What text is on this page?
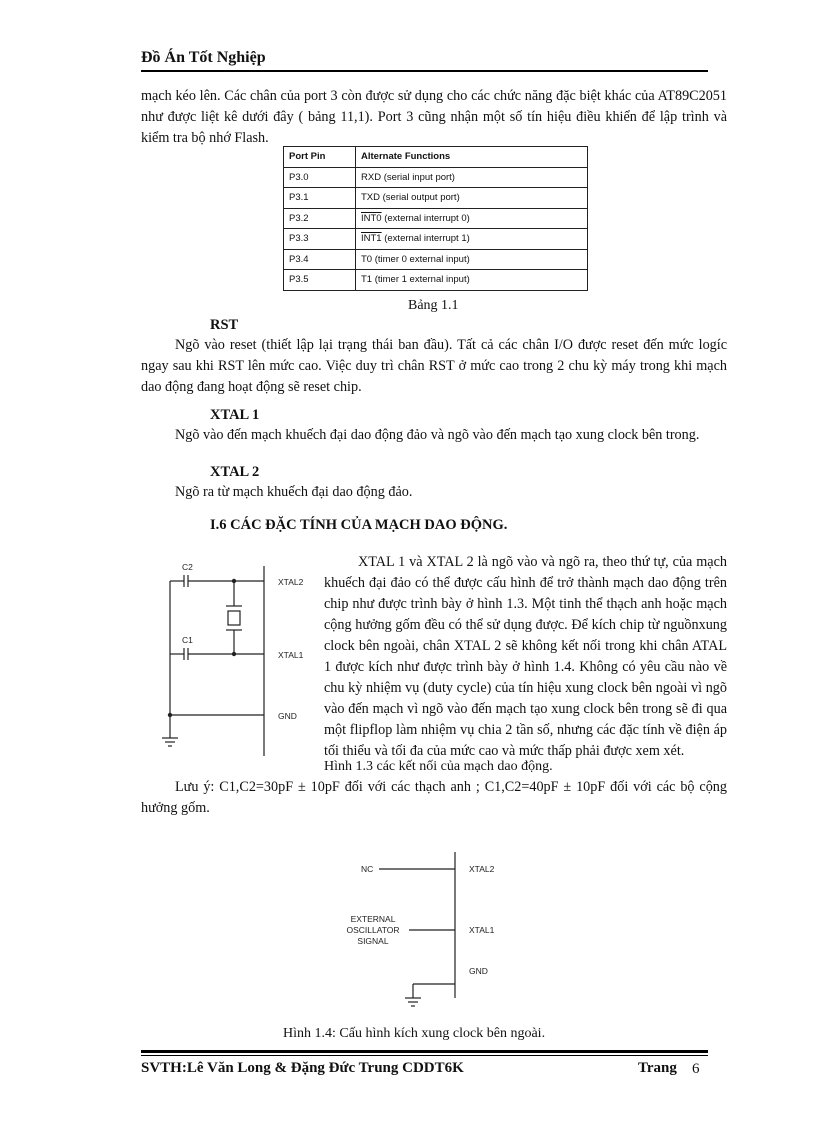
Đồ Án Tốt Nghiệp
mạch kéo lên. Các chân của port 3 còn được sử dụng cho các chức năng đặc biệt khác của AT89C2051 như được liệt kê dưới đây ( bảng 11,1). Port 3 cũng nhận một số tín hiệu điều khiển để lập trình và kiểm tra bộ nhớ Flash.
Port Pin	Alternate Functions
P3.0	RXD (serial input port)
P3.1	TXD (serial output port)
P3.2	INT0 (external interrupt 0)
P3.3	INT1 (external interrupt 1)
P3.4	T0 (timer 0 external input)
P3.5	T1 (timer 1 external input)
Bảng 1.1
RST
Ngõ vào reset (thiết lập lại trạng thái ban đầu). Tất cả các chân I/O được reset đến mức logíc ngay sau khi RST lên mức cao. Việc duy trì chân RST ở mức cao trong 2 chu kỳ máy trong khi mạch dao động đang hoạt động sẽ reset chip.
XTAL 1
Ngõ vào đến mạch khuếch đại dao động đảo và ngõ vào đến mạch tạo xung clock bên trong.
XTAL 2
Ngõ ra từ mạch khuếch đại dao động đảo.
I.6 CÁC ĐẶC TÍNH CỦA MẠCH DAO ĐỘNG.
C2
C1
XTAL2
XTAL1
GND
XTAL 1 và XTAL 2 là ngõ vào và ngõ ra, theo thứ tự, của mạch khuếch đại đảo có thể được cấu hình để trở thành mạch dao động trên chip như được trình bày ở hình 1.3. Một tinh thể thạch anh hoặc mạch cộng hưởng gốm đều có thể sử dụng được. Để kích chip từ nguồnxung clock bên ngoài, chân XTAL 2 sẽ không kết nối trong khi chân ATAL 1 được kích như được trình bày ở hình 1.4. Không có yêu cầu nào về chu kỳ nhiệm vụ (duty cycle) của tín hiệu xung clock bên ngoài vì ngõ vào đến mạch vì ngõ vào đến mạch tạo xung clock bên trong sẽ đi qua một flipflop làm nhiệm vụ chia 2 tần số, nhưng các đặc tính về điện áp tối thiểu và tối đa của mức cao và mức thấp phải được xem xét.
Hình 1.3 các kết nối của mạch dao động.
Lưu ý: C1,C2=30pF ± 10pF đối với các thạch anh ; C1,C2=40pF ± 10pF đối với các bộ cộng hưởng gốm.
NC
EXTERNAL
OSCILLATOR
SIGNAL
XTAL2
XTAL1
GND
Hình 1.4: Cấu hình kích xung clock bên ngoài.
SVTH:Lê Văn Long & Đặng Đức Trung CDDT6K	Trang 6
